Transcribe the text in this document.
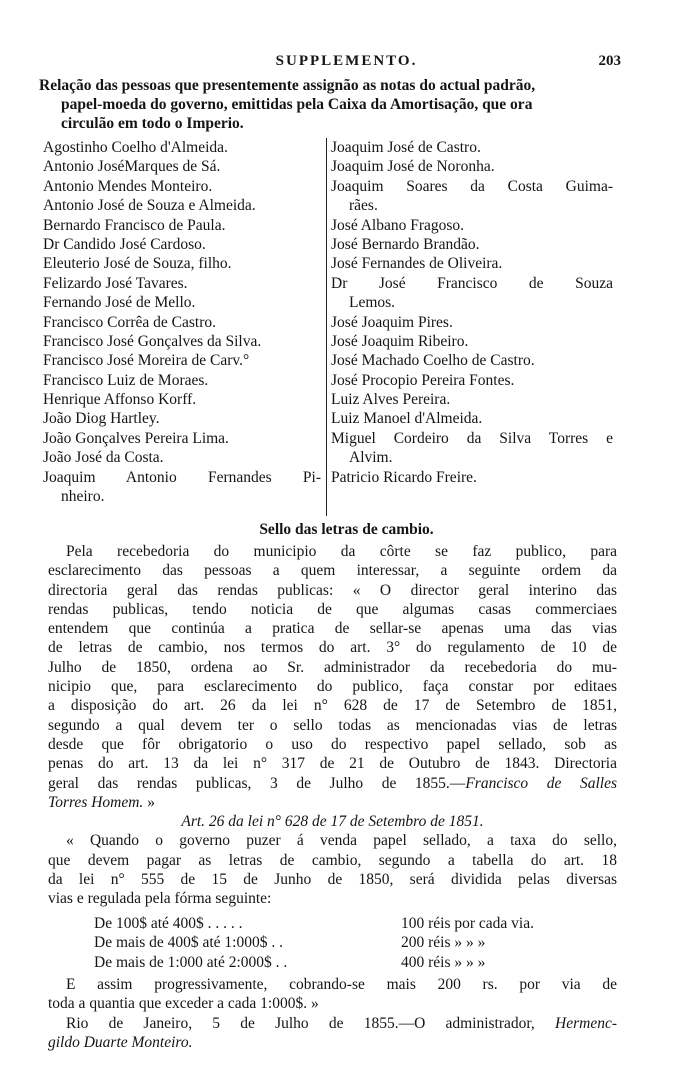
SUPPLEMENTO.	203
Relação das pessoas que presentemente assignão as notas do actual padrão,
papel-moeda do governo, emittidas pela Caixa da Amortisação, que ora
circulão em todo o Imperio.
Agostinho Coelho d'Almeida.
Antonio JoséMarques de Sá.
Antonio Mendes Monteiro.
Antonio José de Souza e Almeida.
Bernardo Francisco de Paula.
Dr Candido José Cardoso.
Eleuterio José de Souza, filho.
Felizardo José Tavares.
Fernando José de Mello.
Francisco Corrêa de Castro.
Francisco José Gonçalves da Silva.
Francisco José Moreira de Carv.°
Francisco Luiz de Moraes.
Henrique Affonso Korff.
João Diog Hartley.
João Gonçalves Pereira Lima.
João José da Costa.
Joaquim Antonio Fernandes Pi-
nheiro.
Joaquim José de Castro.
Joaquim José de Noronha.
Joaquim Soares da Costa Guima-
rães.
José Albano Fragoso.
José Bernardo Brandão.
José Fernandes de Oliveira.
Dr José Francisco de Souza
Lemos.
José Joaquim Pires.
José Joaquim Ribeiro.
José Machado Coelho de Castro.
José Procopio Pereira Fontes.
Luiz Alves Pereira.
Luiz Manoel d'Almeida.
Miguel Cordeiro da Silva Torres e
Alvim.
Patricio Ricardo Freire.
Sello das letras de cambio.
Pela recebedoria do municipio da côrte se faz publico, para
esclarecimento das pessoas a quem interessar, a seguinte ordem da
directoria geral das rendas publicas: « O director geral interino das
rendas publicas, tendo noticia de que algumas casas commerciaes
entendem que continúa a pratica de sellar-se apenas uma das vias
de letras de cambio, nos termos do art. 3° do regulamento de 10 de
Julho de 1850, ordena ao Sr. administrador da recebedoria do mu-
nicipio que, para esclarecimento do publico, faça constar por editaes
a disposição do art. 26 da lei n° 628 de 17 de Setembro de 1851,
segundo a qual devem ter o sello todas as mencionadas vias de letras
desde que fôr obrigatorio o uso do respectivo papel sellado, sob as
penas do art. 13 da lei n° 317 de 21 de Outubro de 1843. Directoria
geral das rendas publicas, 3 de Julho de 1855.—Francisco de Salles
Torres Homem. »
Art. 26 da lei n° 628 de 17 de Setembro de 1851.
« Quando o governo puzer á venda papel sellado, a taxa do sello,
que devem pagar as letras de cambio, segundo a tabella do art. 18
da lei n° 555 de 15 de Junho de 1850, será dividida pelas diversas
vias e regulada pela fórma seguinte:
De 100$ até 400$ . . . . .	100 réis por cada via.
De mais de 400$ até 1:000$ . .	200 réis » » »
De mais de 1:000 até 2:000$ . .	400 réis » » »
E assim progressivamente, cobrando-se mais 200 rs. por via de
toda a quantia que exceder a cada 1:000$. »
Rio de Janeiro, 5 de Julho de 1855.—O administrador, Hermenc-
gildo Duarte Monteiro.
